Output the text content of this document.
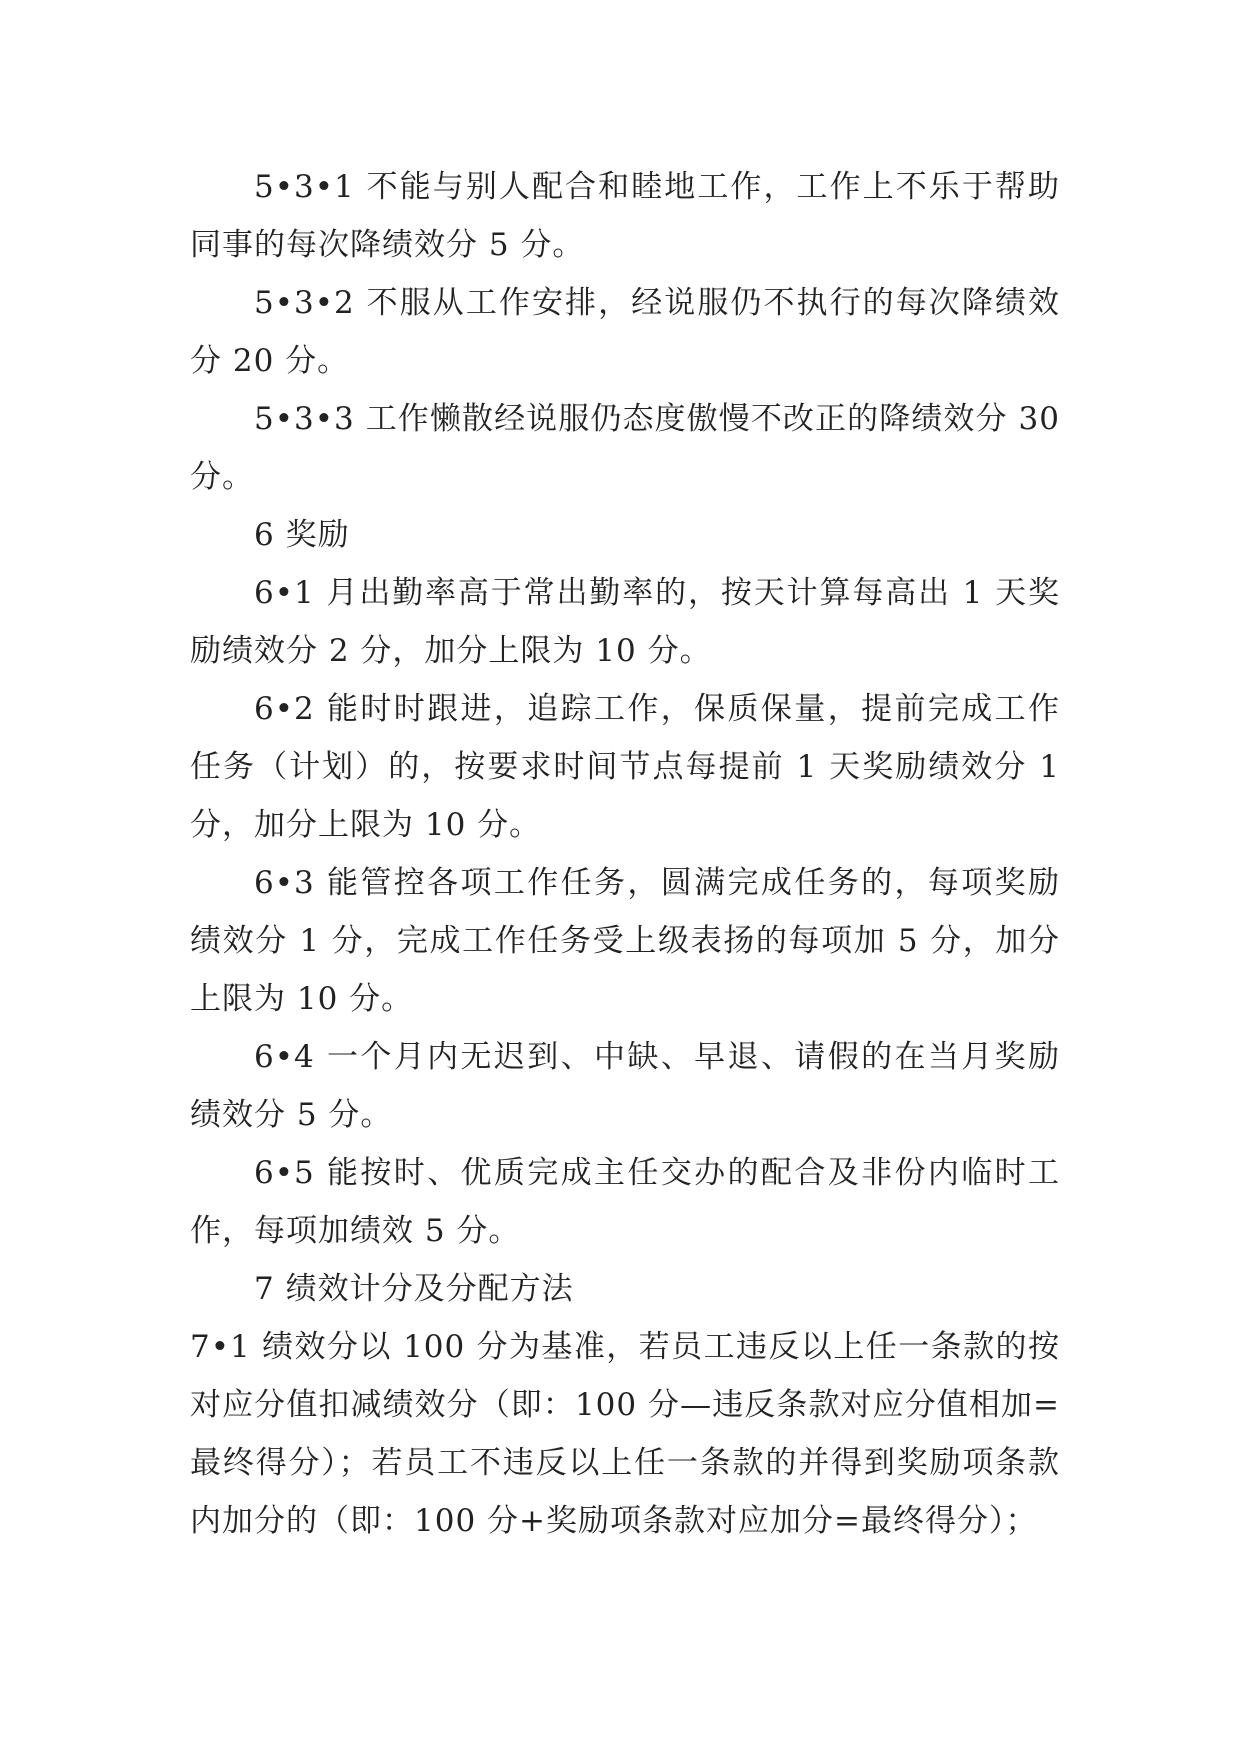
5•3•1 不能与别人配合和睦地工作，工作上不乐于帮助同事的每次降绩效分 5 分。

5•3•2 不服从工作安排，经说服仍不执行的每次降绩效分 20 分。

5•3•3 工作懒散经说服仍态度傲慢不改正的降绩效分 30 分。

6 奖励

6•1 月出勤率高于常出勤率的，按天计算每高出 1 天奖励绩效分 2 分，加分上限为 10 分。

6•2 能时时跟进，追踪工作，保质保量，提前完成工作任务（计划）的，按要求时间节点每提前 1 天奖励绩效分 1 分，加分上限为 10 分。

6•3 能管控各项工作任务，圆满完成任务的，每项奖励绩效分 1 分，完成工作任务受上级表扬的每项加 5 分，加分上限为 10 分。

6•4 一个月内无迟到、中缺、早退、请假的在当月奖励绩效分 5 分。

6•5 能按时、优质完成主任交办的配合及非份内临时工作，每项加绩效 5 分。

7 绩效计分及分配方法

7•1 绩效分以 100 分为基准，若员工违反以上任一条款的按对应分值扣减绩效分（即：100 分—违反条款对应分值相加=最终得分）；若员工不违反以上任一条款的并得到奖励项条款内加分的（即：100 分+奖励项条款对应加分=最终得分）；
